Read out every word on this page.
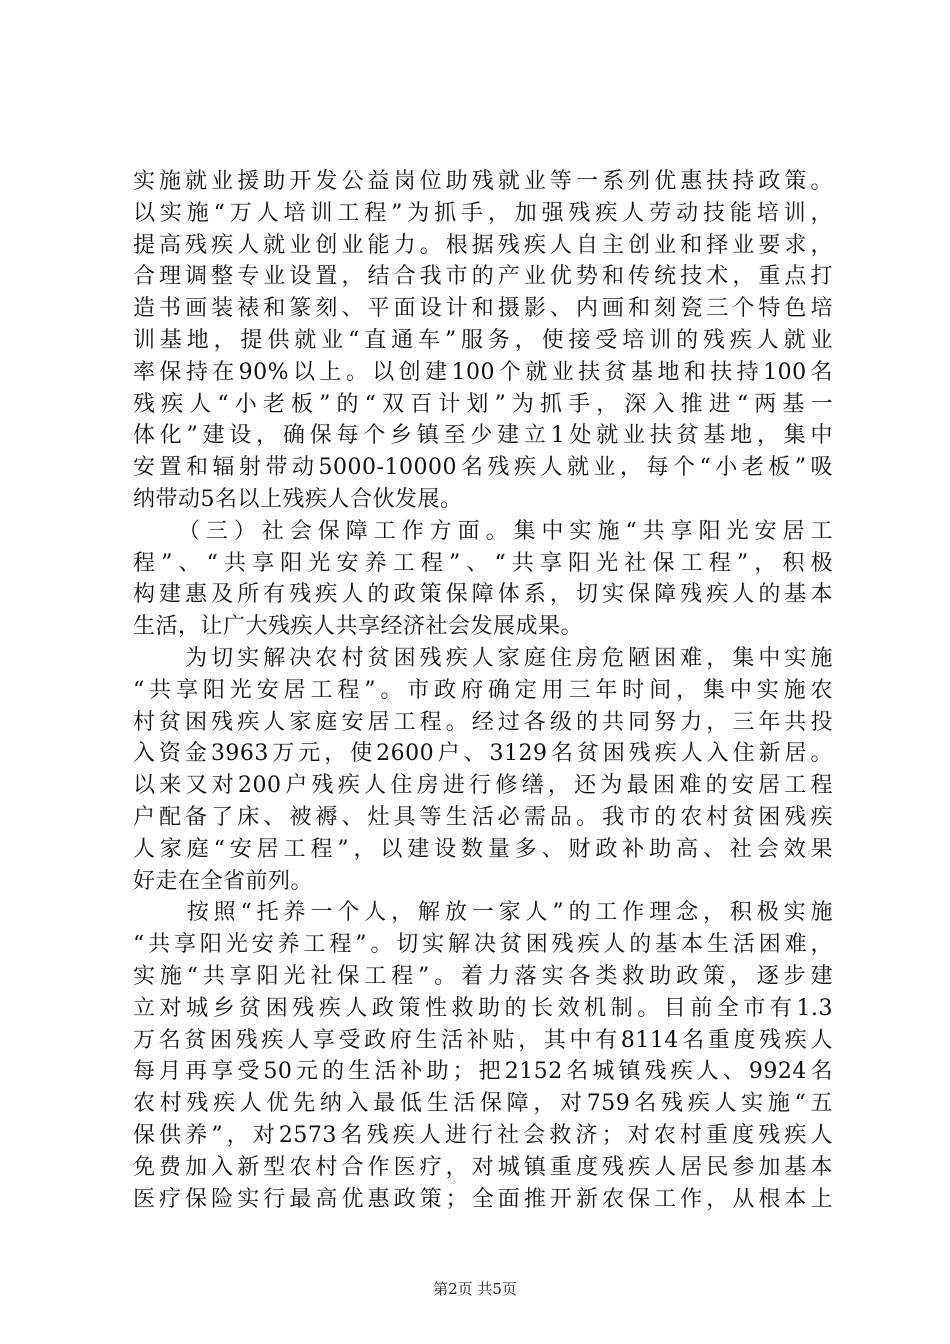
实施就业援助开发公益岗位助残就业等一系列优惠扶持政策。
以实施“万人培训工程”为抓手，加强残疾人劳动技能培训，
提高残疾人就业创业能力。根据残疾人自主创业和择业要求，
合理调整专业设置，结合我市的产业优势和传统技术，重点打
造书画装裱和篆刻、平面设计和摄影、内画和刻瓷三个特色培
训基地，提供就业“直通车”服务，使接受培训的残疾人就业
率保持在90%以上。以创建100个就业扶贫基地和扶持100名
残疾人“小老板”的“双百计划”为抓手，深入推进“两基一
体化”建设，确保每个乡镇至少建立1处就业扶贫基地，集中
安置和辐射带动5000-10000名残疾人就业，每个“小老板”吸
纳带动5名以上残疾人合伙发展。
　　（三）社会保障工作方面。集中实施“共享阳光安居工
程”、“共享阳光安养工程”、“共享阳光社保工程”，积极
构建惠及所有残疾人的政策保障体系，切实保障残疾人的基本
生活，让广大残疾人共享经济社会发展成果。
　　为切实解决农村贫困残疾人家庭住房危陋困难，集中实施
“共享阳光安居工程”。市政府确定用三年时间，集中实施农
村贫困残疾人家庭安居工程。经过各级的共同努力，三年共投
入资金3963万元，使2600户、3129名贫困残疾人入住新居。
以来又对200户残疾人住房进行修缮，还为最困难的安居工程
户配备了床、被褥、灶具等生活必需品。我市的农村贫困残疾
人家庭“安居工程”，以建设数量多、财政补助高、社会效果
好走在全省前列。
　　按照“托养一个人，解放一家人”的工作理念，积极实施
“共享阳光安养工程”。切实解决贫困残疾人的基本生活困难，
实施“共享阳光社保工程”。着力落实各类救助政策，逐步建
立对城乡贫困残疾人政策性救助的长效机制。目前全市有1.3
万名贫困残疾人享受政府生活补贴，其中有8114名重度残疾人
每月再享受50元的生活补助；把2152名城镇残疾人、9924名
农村残疾人优先纳入最低生活保障，对759名残疾人实施“五
保供养”，对2573名残疾人进行社会救济；对农村重度残疾人
免费加入新型农村合作医疗，对城镇重度残疾人居民参加基本
医疗保险实行最高优惠政策；全面推开新农保工作，从根本上
第2页 共5页
